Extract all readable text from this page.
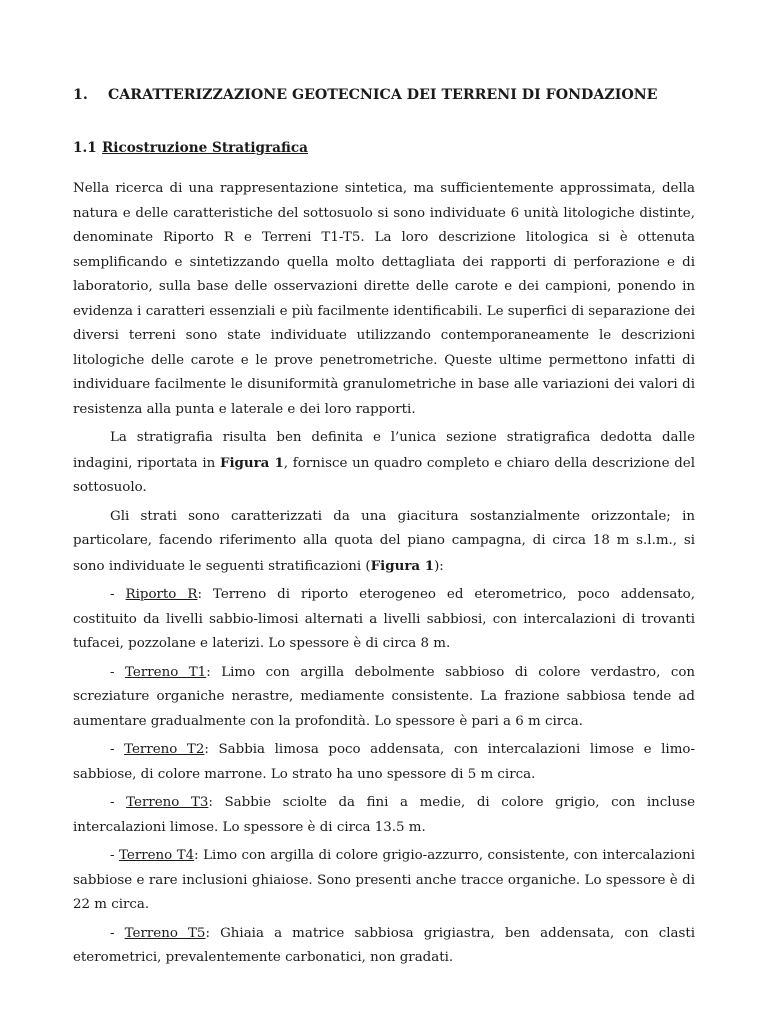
1. CARATTERIZZAZIONE GEOTECNICA DEI TERRENI DI FONDAZIONE
1.1 Ricostruzione Stratigrafica

Nella ricerca di una rappresentazione sintetica, ma sufficientemente approssimata, della natura e delle caratteristiche del sottosuolo si sono individuate 6 unità litologiche distinte, denominate Riporto R e Terreni T1-T5. La loro descrizione litologica si è ottenuta semplificando e sintetizzando quella molto dettagliata dei rapporti di perforazione e di laboratorio, sulla base delle osservazioni dirette delle carote e dei campioni, ponendo in evidenza i caratteri essenziali e più facilmente identificabili. Le superfici di separazione dei diversi terreni sono state individuate utilizzando contemporaneamente le descrizioni litologiche delle carote e le prove penetrometriche. Queste ultime permettono infatti di individuare facilmente le disuniformità granulometriche in base alle variazioni dei valori di resistenza alla punta e laterale e dei loro rapporti.

La stratigrafia risulta ben definita e l’unica sezione stratigrafica dedotta dalle indagini, riportata in Figura 1, fornisce un quadro completo e chiaro della descrizione del sottosuolo.

Gli strati sono caratterizzati da una giacitura sostanzialmente orizzontale; in particolare, facendo riferimento alla quota del piano campagna, di circa 18 m s.l.m., si sono individuate le seguenti stratificazioni (Figura 1):

- Riporto R: Terreno di riporto eterogeneo ed eterometrico, poco addensato, costituito da livelli sabbio-limosi alternati a livelli sabbiosi, con intercalazioni di trovanti tufacei, pozzolane e laterizi. Lo spessore è di circa 8 m.

- Terreno T1: Limo con argilla debolmente sabbioso di colore verdastro, con screziature organiche nerastre, mediamente consistente. La frazione sabbiosa tende ad aumentare gradualmente con la profondità. Lo spessore è pari a 6 m circa.

- Terreno T2: Sabbia limosa poco addensata, con intercalazioni limose e limo-sabbiose, di colore marrone. Lo strato ha uno spessore di 5 m circa.

- Terreno T3: Sabbie sciolte da fini a medie, di colore grigio, con incluse intercalazioni limose. Lo spessore è di circa 13.5 m.

- Terreno T4: Limo con argilla di colore grigio-azzurro, consistente, con intercalazioni sabbiose e rare inclusioni ghiaiose. Sono presenti anche tracce organiche. Lo spessore è di 22 m circa.

- Terreno T5: Ghiaia a matrice sabbiosa grigiastra, ben addensata, con clasti eterometrici, prevalentemente carbonatici, non gradati.
